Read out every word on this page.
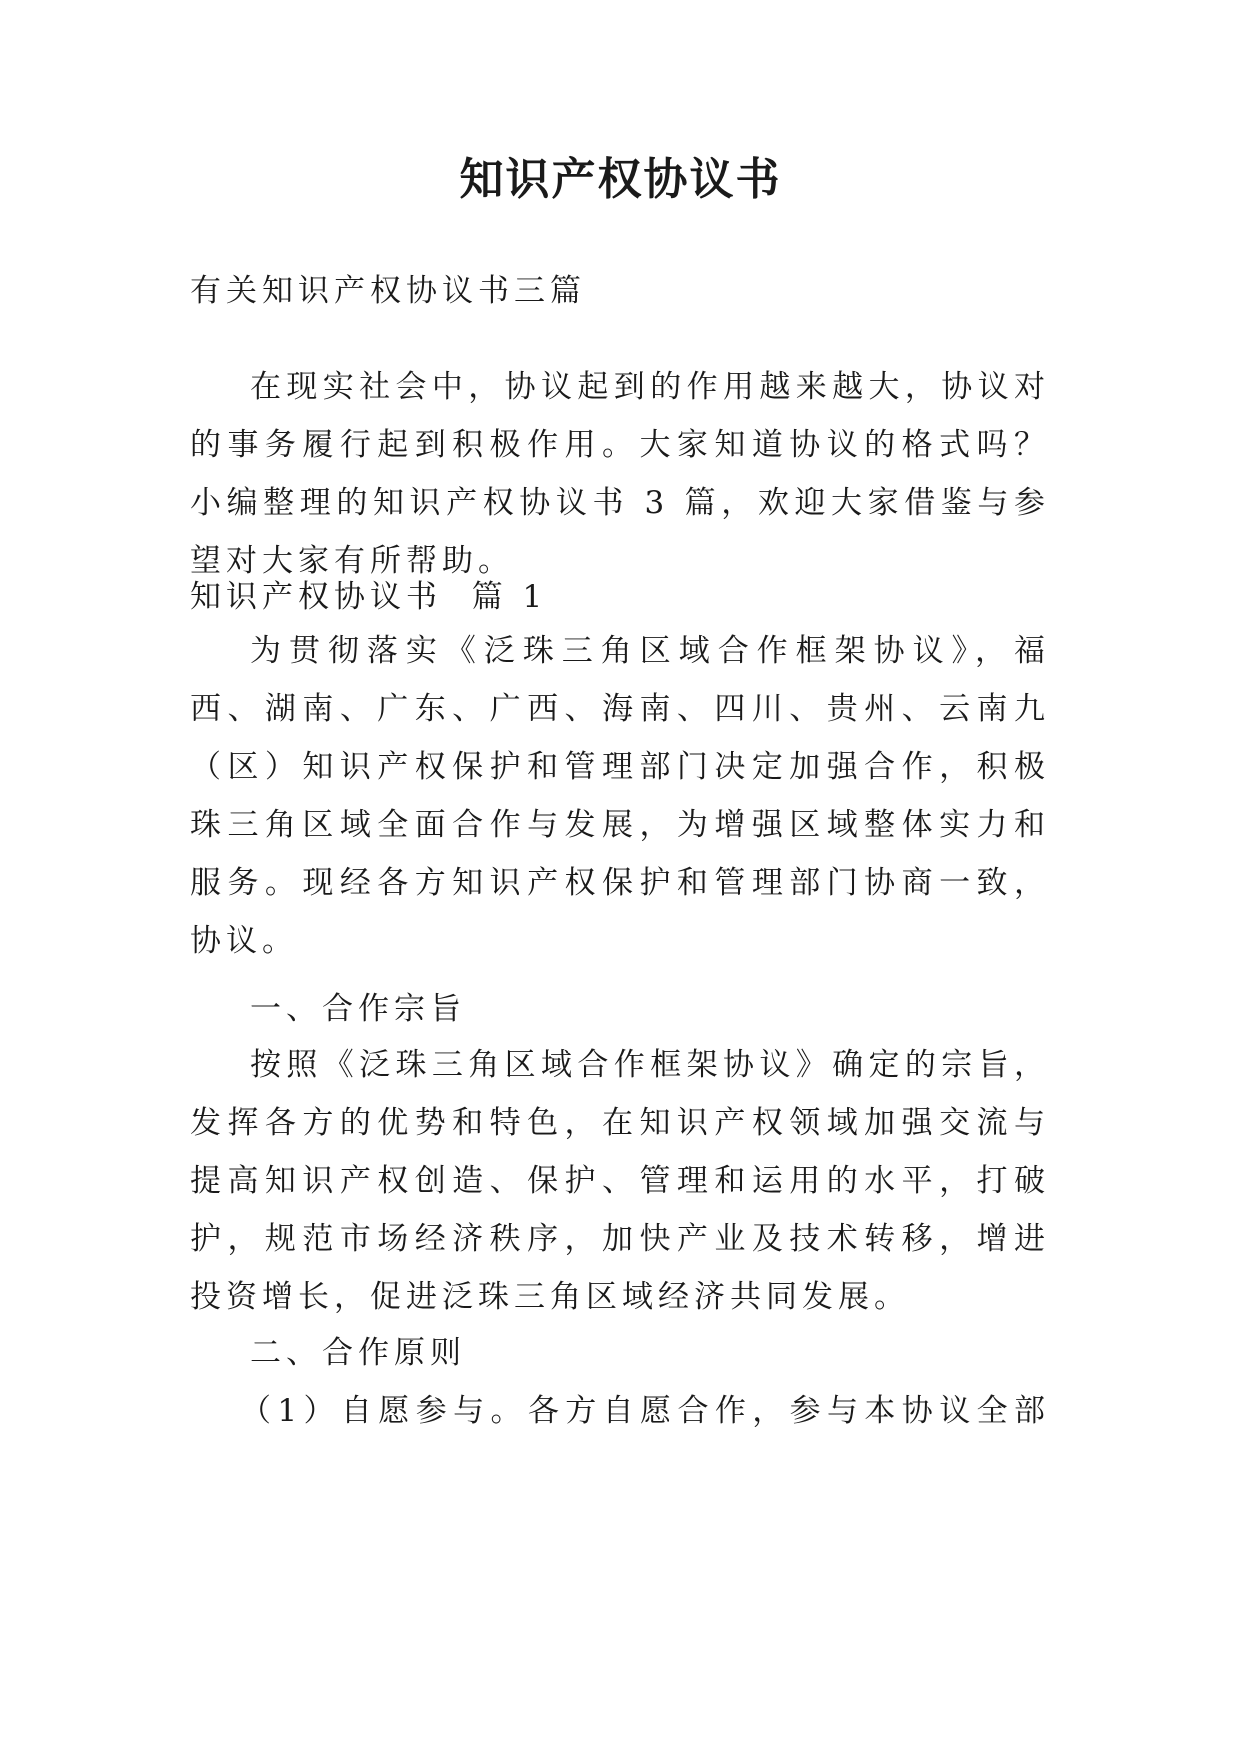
知识产权协议书
有关知识产权协议书三篇
在现实社会中，协议起到的作用越来越大，协议对
的事务履行起到积极作用。大家知道协议的格式吗？
小编整理的知识产权协议书 3 篇，欢迎大家借鉴与参
望对大家有所帮助。
知识产权协议书  篇 1
为贯彻落实《泛珠三角区域合作框架协议》，福
西、湖南、广东、广西、海南、四川、贵州、云南九
（区）知识产权保护和管理部门决定加强合作，积极
珠三角区域全面合作与发展，为增强区域整体实力和
服务。现经各方知识产权保护和管理部门协商一致，
协议。
一、合作宗旨
按照《泛珠三角区域合作框架协议》确定的宗旨，
发挥各方的优势和特色，在知识产权领域加强交流与
提高知识产权创造、保护、管理和运用的水平，打破
护，规范市场经济秩序，加快产业及技术转移，增进
投资增长，促进泛珠三角区域经济共同发展。
二、合作原则
（1）自愿参与。各方自愿合作，参与本协议全部
